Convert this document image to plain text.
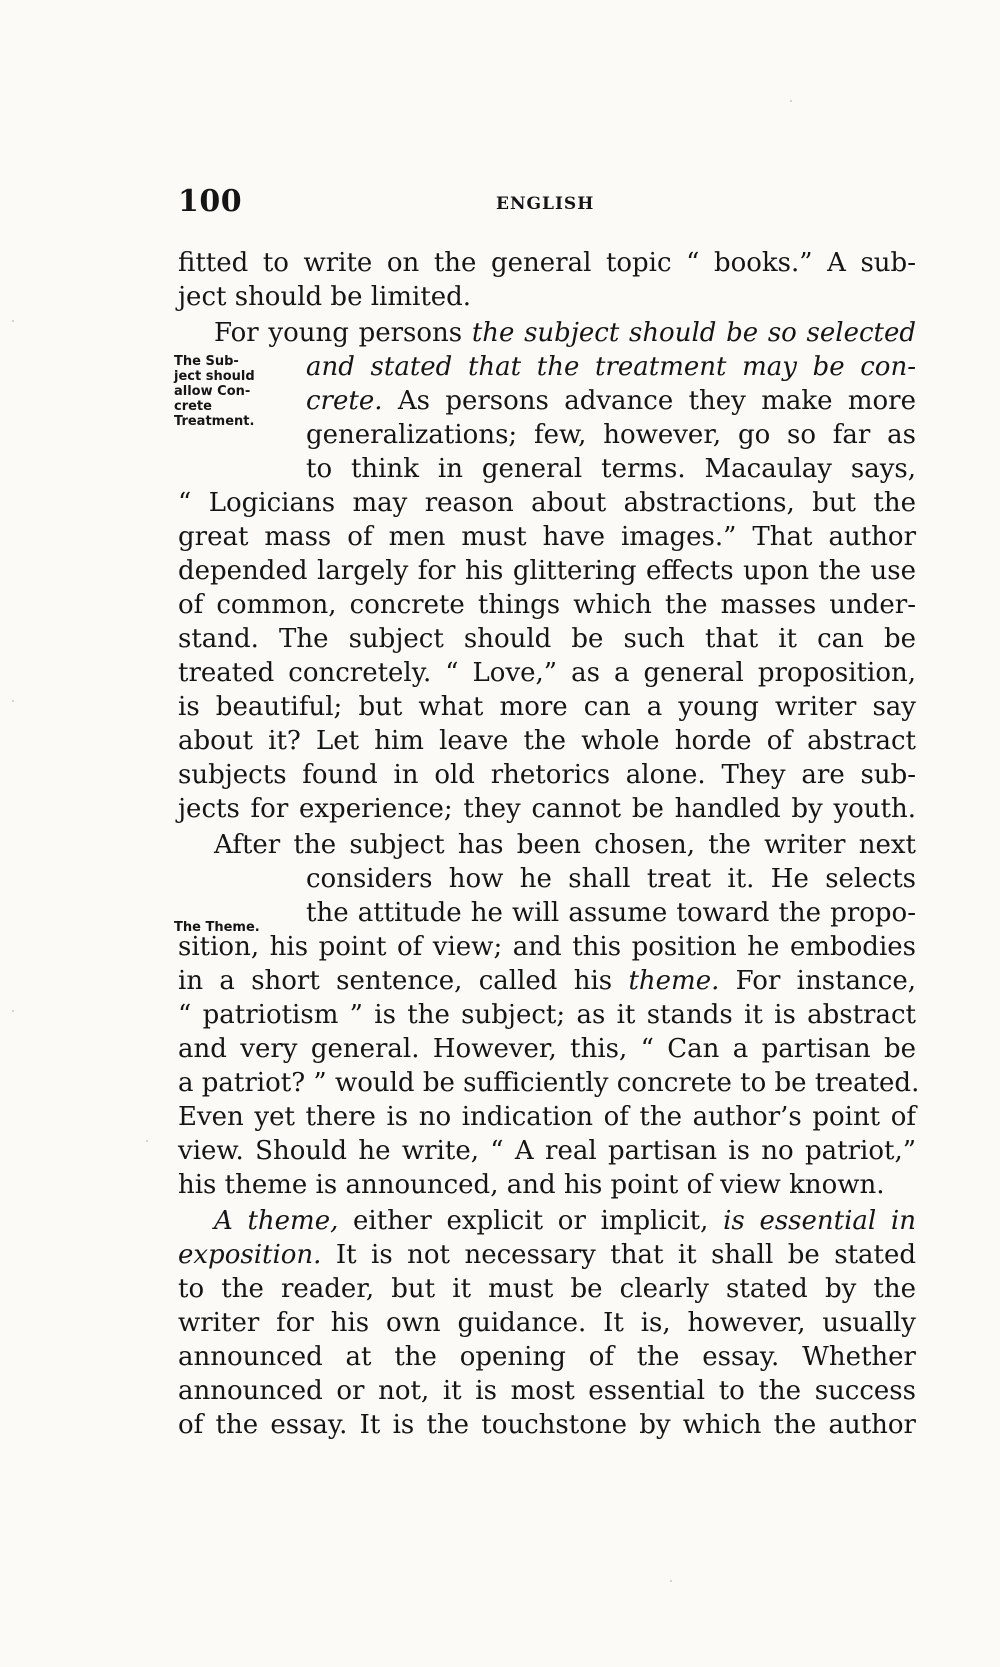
100	ENGLISH
The Sub-
ject should
allow Con-
crete
Treatment.
The Theme.
fitted to write on the general topic “ books.” A sub-
ject should be limited.
For young persons the subject should be so selected
and stated that the treatment may be con-
crete. As persons advance they make more
generalizations; few, however, go so far as
to think in general terms. Macaulay says,
“ Logicians may reason about abstractions, but the
great mass of men must have images.” That author
depended largely for his glittering effects upon the use
of common, concrete things which the masses under-
stand. The subject should be such that it can be
treated concretely. “ Love,” as a general proposition,
is beautiful; but what more can a young writer say
about it? Let him leave the whole horde of abstract
subjects found in old rhetorics alone. They are sub-
jects for experience; they cannot be handled by youth.
After the subject has been chosen, the writer next
considers how he shall treat it. He selects
the attitude he will assume toward the propo-
sition, his point of view; and this position he embodies
in a short sentence, called his theme. For instance,
“ patriotism ” is the subject; as it stands it is abstract
and very general. However, this, “ Can a partisan be
a patriot? ” would be sufficiently concrete to be treated.
Even yet there is no indication of the author’s point of
view. Should he write, “ A real partisan is no patriot,”
his theme is announced, and his point of view known.
A theme, either explicit or implicit, is essential in
exposition. It is not necessary that it shall be stated
to the reader, but it must be clearly stated by the
writer for his own guidance. It is, however, usually
announced at the opening of the essay. Whether
announced or not, it is most essential to the success
of the essay. It is the touchstone by which the author
